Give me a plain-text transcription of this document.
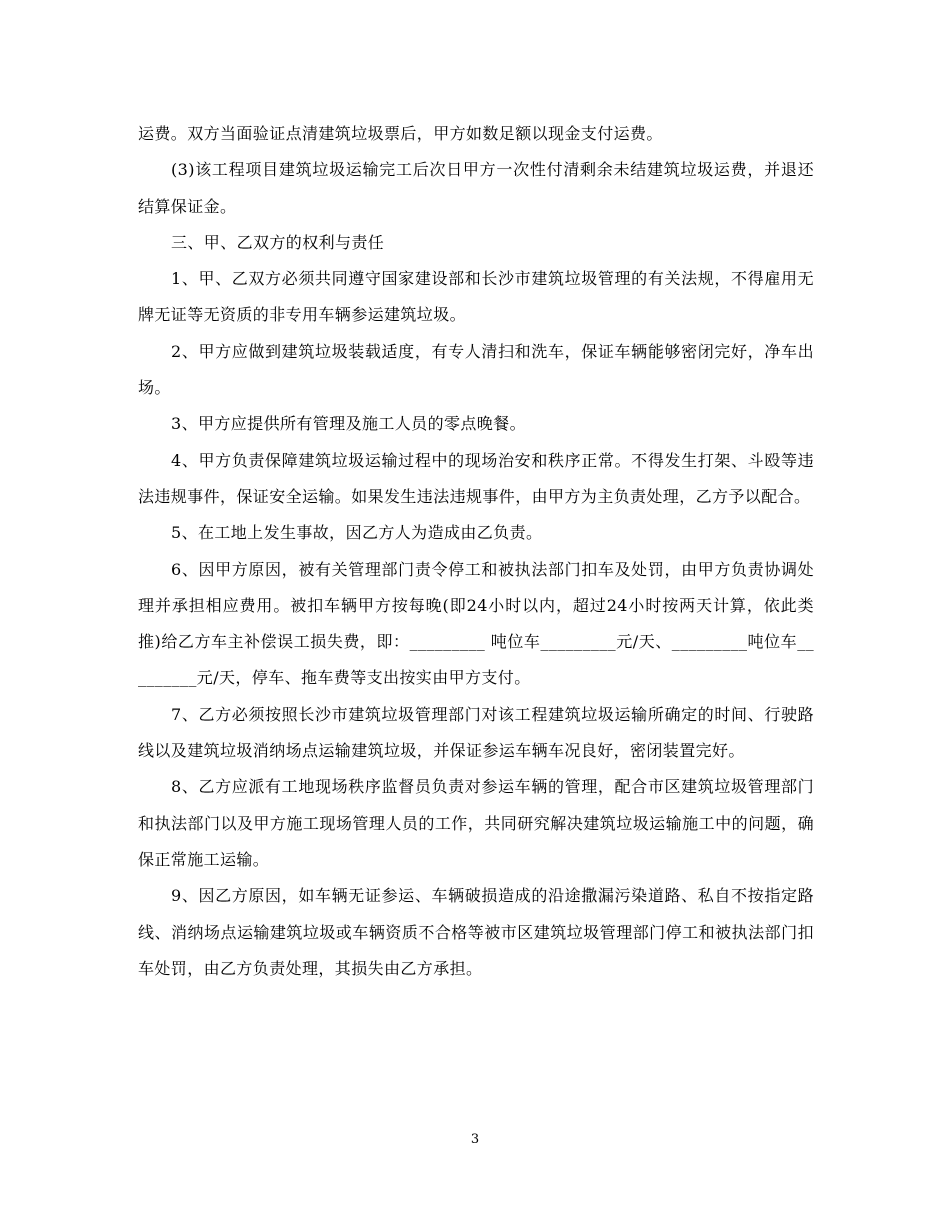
运费。双方当面验证点清建筑垃圾票后，甲方如数足额以现金支付运费。

(3)该工程项目建筑垃圾运输完工后次日甲方一次性付清剩余未结建筑垃圾运费，并退还结算保证金。

三、甲、乙双方的权利与责任

1、甲、乙双方必须共同遵守国家建设部和长沙市建筑垃圾管理的有关法规，不得雇用无牌无证等无资质的非专用车辆参运建筑垃圾。

2、甲方应做到建筑垃圾装载适度，有专人清扫和洗车，保证车辆能够密闭完好，净车出场。

3、甲方应提供所有管理及施工人员的零点晚餐。

4、甲方负责保障建筑垃圾运输过程中的现场治安和秩序正常。不得发生打架、斗殴等违法违规事件，保证安全运输。如果发生违法违规事件，由甲方为主负责处理，乙方予以配合。

5、在工地上发生事故，因乙方人为造成由乙负责。

6、因甲方原因，被有关管理部门责令停工和被执法部门扣车及处罚，由甲方负责协调处理并承担相应费用。被扣车辆甲方按每晚(即24小时以内，超过24小时按两天计算，依此类推)给乙方车主补偿误工损失费，即：_________ 吨位车_________元/天、_________吨位车_________元/天，停车、拖车费等支出按实由甲方支付。

7、乙方必须按照长沙市建筑垃圾管理部门对该工程建筑垃圾运输所确定的时间、行驶路线以及建筑垃圾消纳场点运输建筑垃圾，并保证参运车辆车况良好，密闭装置完好。

8、乙方应派有工地现场秩序监督员负责对参运车辆的管理，配合市区建筑垃圾管理部门和执法部门以及甲方施工现场管理人员的工作，共同研究解决建筑垃圾运输施工中的问题，确保正常施工运输。

9、因乙方原因，如车辆无证参运、车辆破损造成的沿途撒漏污染道路、私自不按指定路线、消纳场点运输建筑垃圾或车辆资质不合格等被市区建筑垃圾管理部门停工和被执法部门扣车处罚，由乙方负责处理，其损失由乙方承担。

3
